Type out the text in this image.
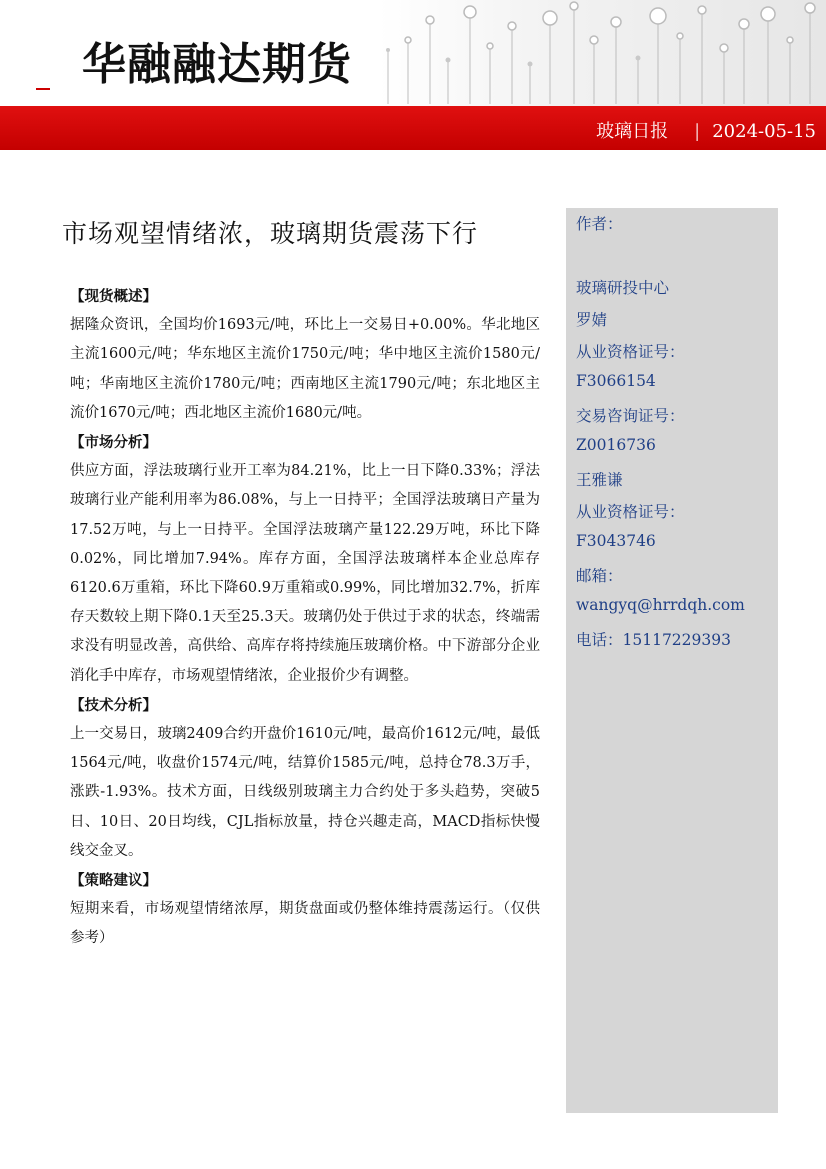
华融融达期货
玻璃日报 | 2024-05-15
市场观望情绪浓，玻璃期货震荡下行

【现货概述】

据隆众资讯，全国均价1693元/吨，环比上一交易日+0.00%。华北地区主流1600元/吨；华东地区主流价1750元/吨；华中地区主流价1580元/吨；华南地区主流价1780元/吨；西南地区主流1790元/吨；东北地区主流价1670元/吨；西北地区主流价1680元/吨。

【市场分析】

供应方面，浮法玻璃行业开工率为84.21%，比上一日下降0.33%；浮法玻璃行业产能利用率为86.08%，与上一日持平；全国浮法玻璃日产量为17.52万吨，与上一日持平。全国浮法玻璃产量122.29万吨，环比下降0.02%，同比增加7.94%。库存方面，全国浮法玻璃样本企业总库存6120.6万重箱，环比下降60.9万重箱或0.99%，同比增加32.7%，折库存天数较上期下降0.1天至25.3天。玻璃仍处于供过于求的状态，终端需求没有明显改善，高供给、高库存将持续施压玻璃价格。中下游部分企业消化手中库存，市场观望情绪浓，企业报价少有调整。

【技术分析】

上一交易日，玻璃2409合约开盘价1610元/吨，最高价1612元/吨，最低1564元/吨，收盘价1574元/吨，结算价1585元/吨，总持仓78.3万手，涨跌-1.93%。技术方面，日线级别玻璃主力合约处于多头趋势，突破5日、10日、20日均线，CJL指标放量，持仓兴趣走高，MACD指标快慢线交金叉。

【策略建议】

短期来看，市场观望情绪浓厚，期货盘面或仍整体维持震荡运行。（仅供参考）

作者：
玻璃研投中心
罗婧
从业资格证号：
F3066154
交易咨询证号：
Z0016736
王雅谦
从业资格证号：
F3043746
邮箱：
wangyq@hrrdqh.com
电话：15117229393
